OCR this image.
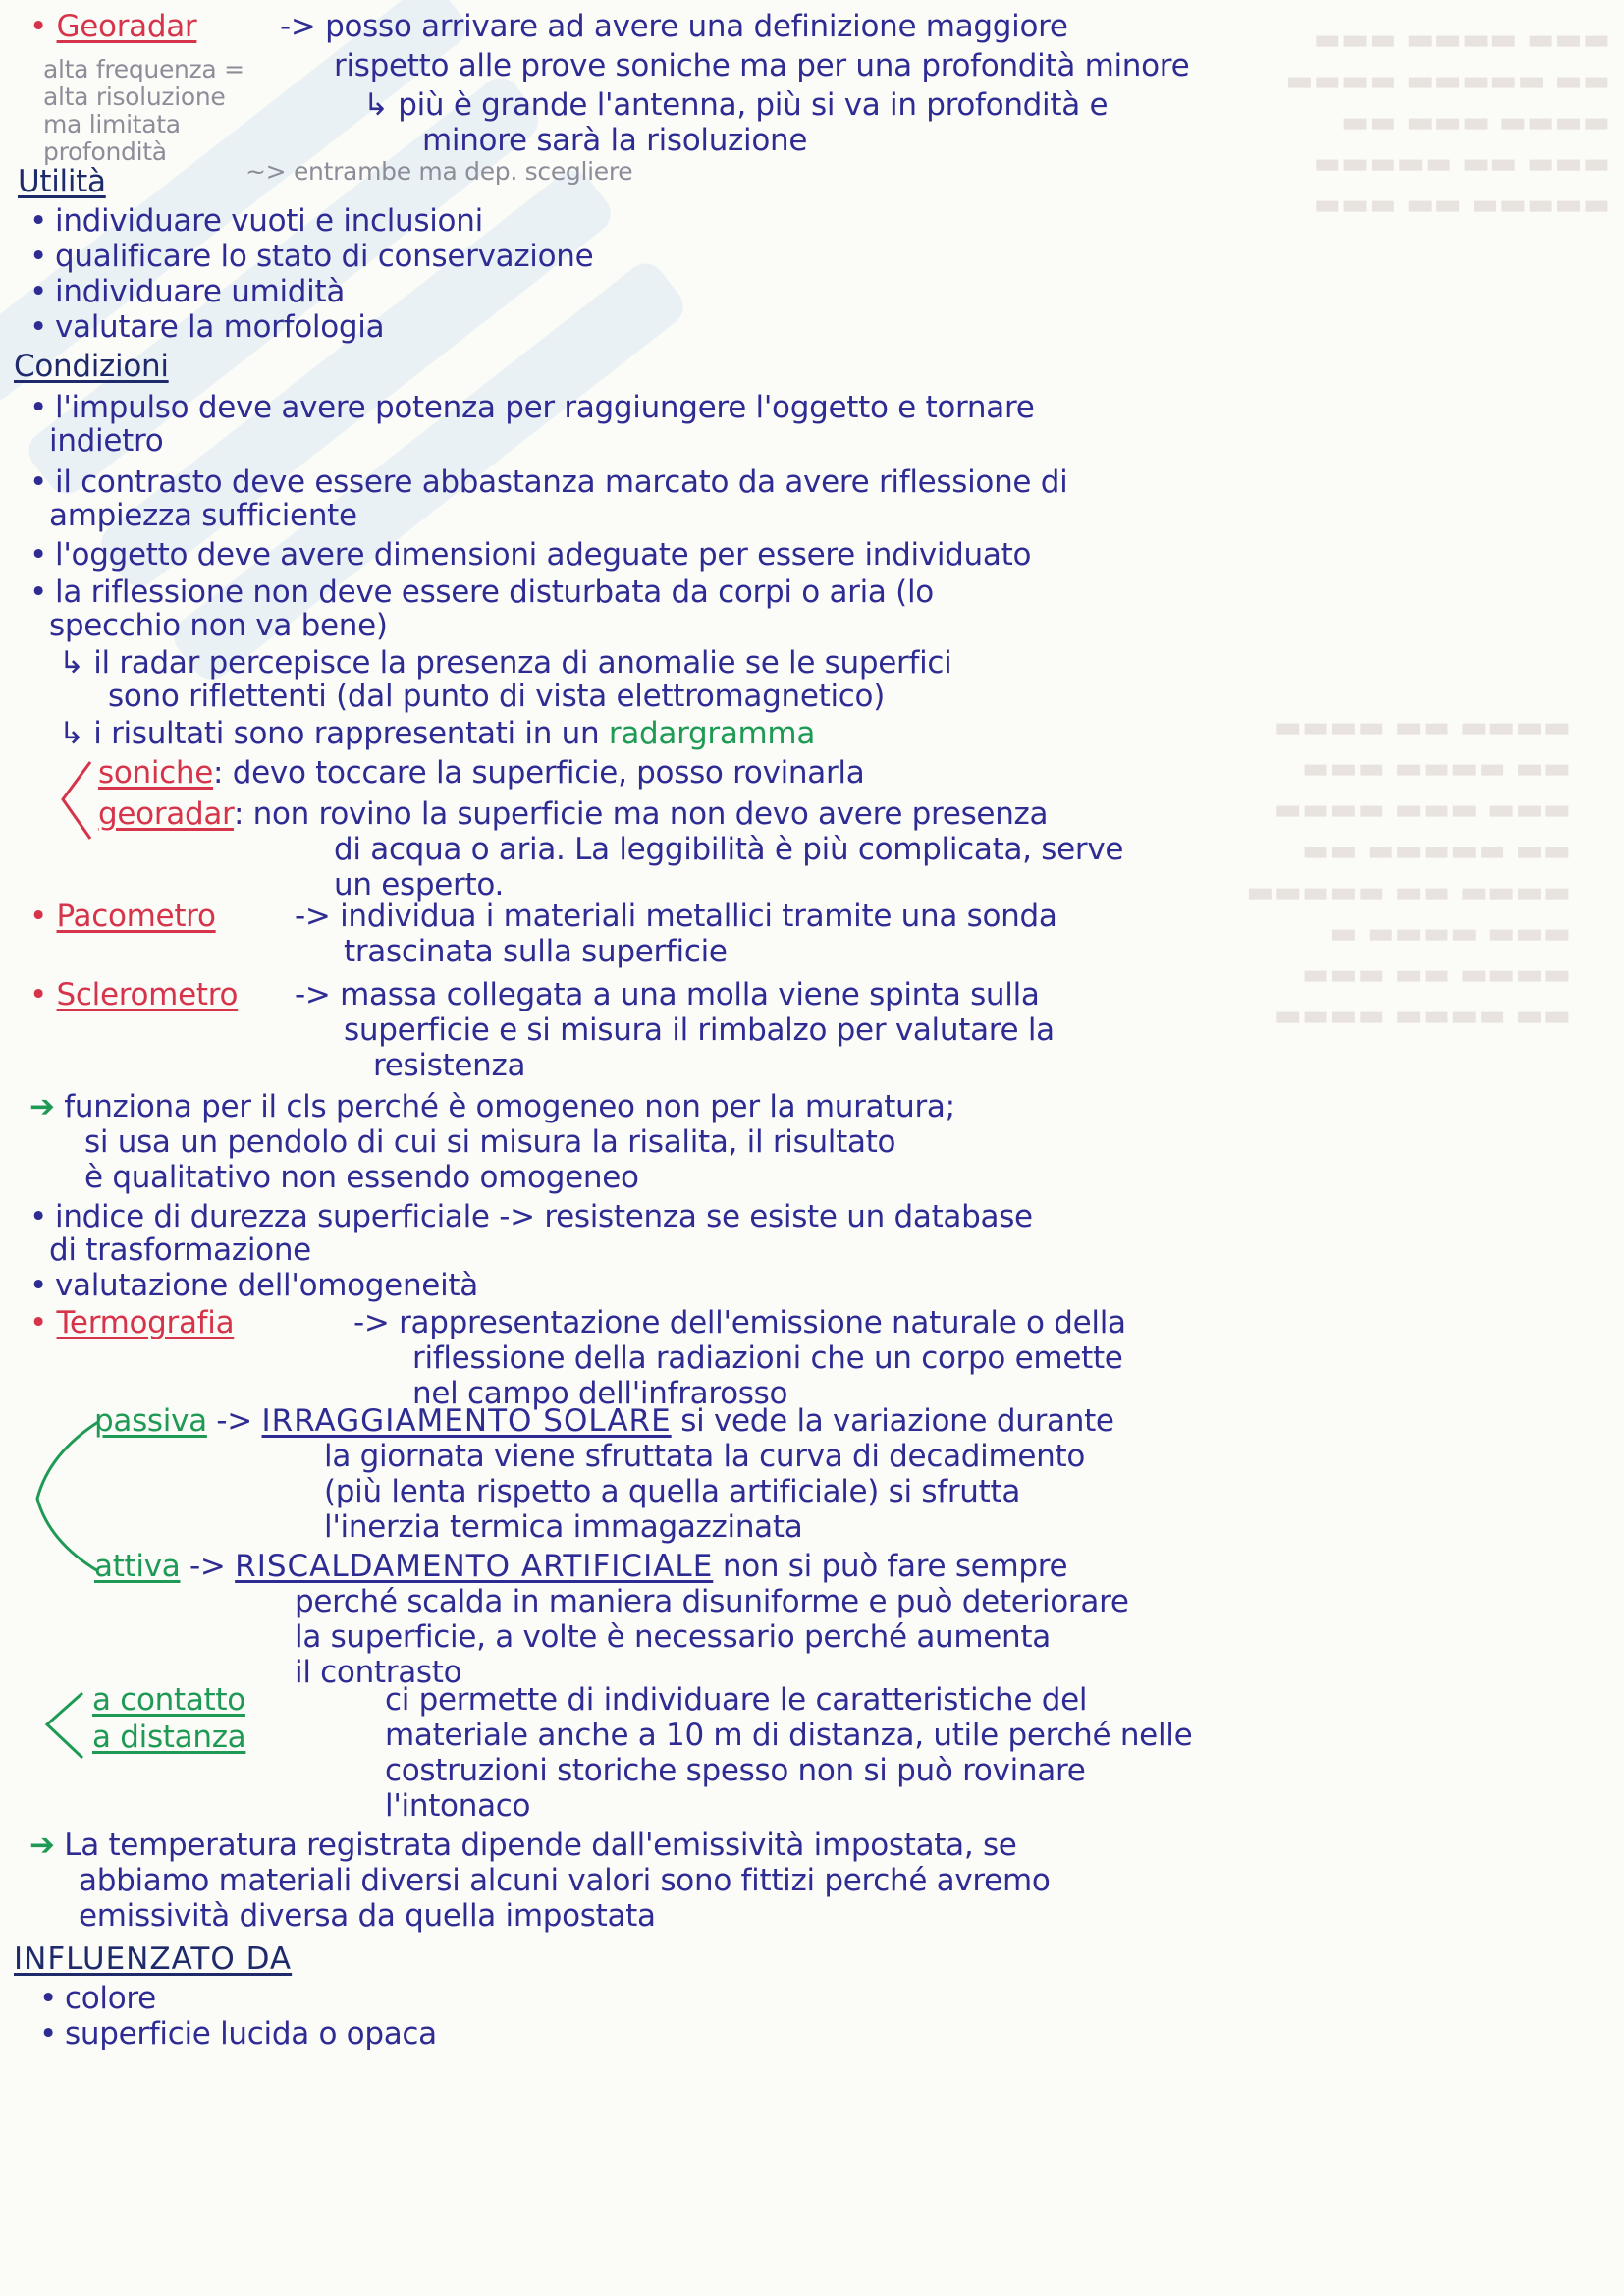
▬▬▬ ▬▬▬▬ ▬▬▬
▬▬ ▬▬▬▬▬ ▬▬▬▬
▬▬▬▬ ▬▬▬ ▬▬
▬▬▬ ▬▬ ▬▬▬▬▬
▬▬▬▬▬ ▬▬ ▬▬▬
▬▬▬▬ ▬▬ ▬▬▬▬
▬▬ ▬▬▬▬ ▬▬▬
▬▬▬ ▬▬▬ ▬▬▬▬
▬▬ ▬▬▬▬▬ ▬▬
▬▬▬▬ ▬▬ ▬▬▬▬▬
▬▬▬ ▬▬▬▬ ▬
▬▬▬▬ ▬▬ ▬▬▬
▬▬ ▬▬▬▬ ▬▬▬▬
• Georadar	-> posso arrivare ad avere una definizione maggiore
rispetto alle prove soniche ma per una profondità minore
↳ più è grande l'antenna, più si va in profondità e
minore sarà la risoluzione
alta frequenza =
alta risoluzione
ma limitata
profondità
~> entrambe ma dep. scegliere
Utilità
• individuare vuoti e inclusioni
• qualificare lo stato di conservazione
• individuare umidità
• valutare la morfologia
Condizioni
• l'impulso deve avere potenza per raggiungere l'oggetto e tornare
indietro
• il contrasto deve essere abbastanza marcato da avere riflessione di
ampiezza sufficiente
• l'oggetto deve avere dimensioni adeguate per essere individuato
• la riflessione non deve essere disturbata da corpi o aria (lo
specchio non va bene)
↳ il radar percepisce la presenza di anomalie se le superfici
sono riflettenti (dal punto di vista elettromagnetico)
↳ i risultati sono rappresentati in un radargramma
soniche: devo toccare la superficie, posso rovinarla
georadar: non rovino la superficie ma non devo avere presenza
di acqua o aria. La leggibilità è più complicata, serve
un esperto.
• Pacometro	-> individua i materiali metallici tramite una sonda
trascinata sulla superficie
• Sclerometro -> massa collegata a una molla viene spinta sulla
superficie e si misura il rimbalzo per valutare la
resistenza
➔ funziona per il cls perché è omogeneo non per la muratura;
si usa un pendolo di cui si misura la risalita, il risultato
è qualitativo non essendo omogeneo
• indice di durezza superficiale -> resistenza se esiste un database
di trasformazione
• valutazione dell'omogeneità
• Termografia	-> rappresentazione dell'emissione naturale o della
riflessione della radiazioni che un corpo emette
nel campo dell'infrarosso
passiva -> IRRAGGIAMENTO SOLARE si vede la variazione durante
la giornata viene sfruttata la curva di decadimento
(più lenta rispetto a quella artificiale) si sfrutta
l'inerzia termica immagazzinata
attiva -> RISCALDAMENTO ARTIFICIALE non si può fare sempre
perché scalda in maniera disuniforme e può deteriorare
la superficie, a volte è necessario perché aumenta
il contrasto
a contatto
a distanza
ci permette di individuare le caratteristiche del
materiale anche a 10 m di distanza, utile perché nelle
costruzioni storiche spesso non si può rovinare
l'intonaco
➔ La temperatura registrata dipende dall'emissività impostata, se
abbiamo materiali diversi alcuni valori sono fittizi perché avremo
emissività diversa da quella impostata
INFLUENZATO DA
• colore
• superficie lucida o opaca
